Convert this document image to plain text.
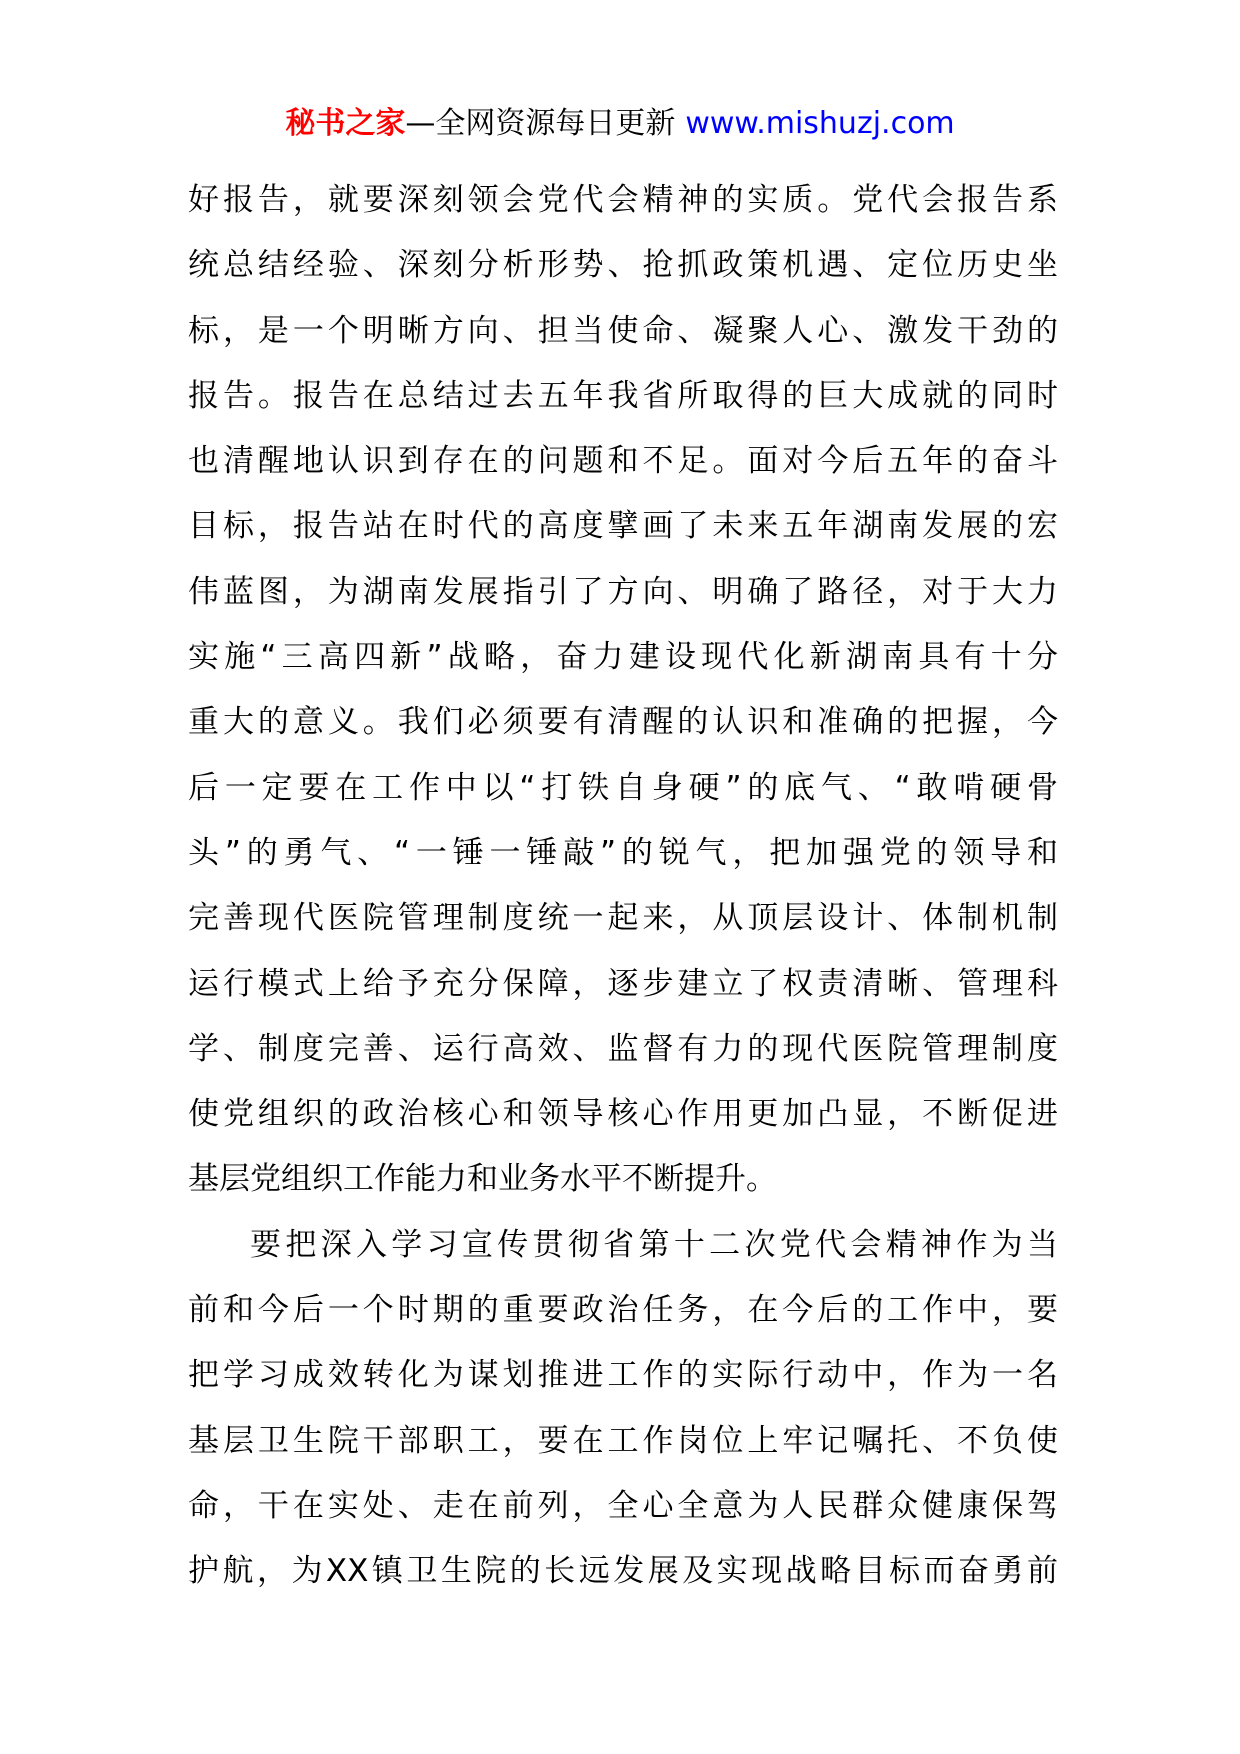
秘书之家—全网资源每日更新 www.mishuzj.com
好报告，就要深刻领会党代会精神的实质。党代会报告系
统总结经验、深刻分析形势、抢抓政策机遇、定位历史坐
标，是一个明晰方向、担当使命、凝聚人心、激发干劲的
报告。报告在总结过去五年我省所取得的巨大成就的同时
也清醒地认识到存在的问题和不足。面对今后五年的奋斗
目标，报告站在时代的高度擘画了未来五年湖南发展的宏
伟蓝图，为湖南发展指引了方向、明确了路径，对于大力
实施“三高四新”战略，奋力建设现代化新湖南具有十分
重大的意义。我们必须要有清醒的认识和准确的把握，今
后一定要在工作中以“打铁自身硬”的底气、“敢啃硬骨
头”的勇气、“一锤一锤敲”的锐气，把加强党的领导和
完善现代医院管理制度统一起来，从顶层设计、体制机制
运行模式上给予充分保障，逐步建立了权责清晰、管理科
学、制度完善、运行高效、监督有力的现代医院管理制度
使党组织的政治核心和领导核心作用更加凸显，不断促进
基层党组织工作能力和业务水平不断提升。
要把深入学习宣传贯彻省第十二次党代会精神作为当
前和今后一个时期的重要政治任务，在今后的工作中，要
把学习成效转化为谋划推进工作的实际行动中，作为一名
基层卫生院干部职工，要在工作岗位上牢记嘱托、不负使
命，干在实处、走在前列，全心全意为人民群众健康保驾
护航，为XX镇卫生院的长远发展及实现战略目标而奋勇前
